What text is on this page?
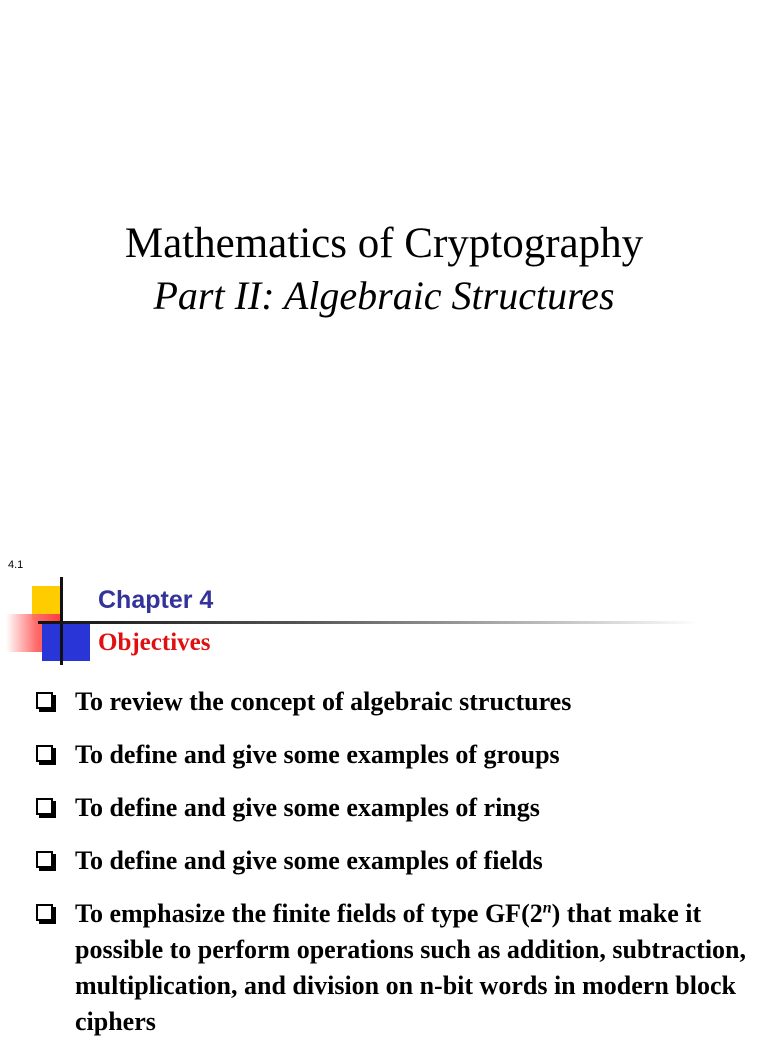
Mathematics of Cryptography

Part II: Algebraic Structures

4.1
Chapter 4
Objectives
To review the concept of algebraic structures
To define and give some examples of groups
To define and give some examples of rings
To define and give some examples of fields
To emphasize the finite fields of type GF(2$^n$) that make it possible to perform operations such as addition, subtraction, multiplication, and division on n-bit words in modern block ciphers
